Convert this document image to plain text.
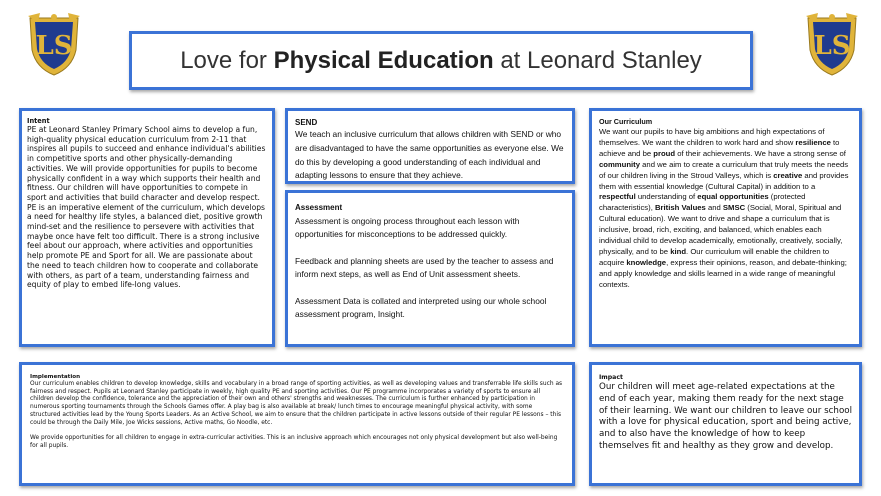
LS	LS
Love for Physical Education at Leonard Stanley
Intent

PE at Leonard Stanley Primary School aims to develop a fun, high-quality physical education curriculum from 2-11 that inspires all pupils to succeed and enhance individual's abilities in competitive sports and other physically-demanding activities. We will provide opportunities for pupils to become physically confident in a way which supports their health and fitness. Our children will have opportunities to compete in sport and activities that build character and develop respect. PE is an imperative element of the curriculum, which develops a need for healthy life styles, a balanced diet, positive growth mind-set and the resilience to persevere with activities that maybe once have felt too difficult. There is a strong inclusive feel about our approach, where activities and opportunities help promote PE and Sport for all. We are passionate about the need to teach children how to cooperate and collaborate with others, as part of a team, understanding fairness and equity of play to embed life-long values.

SEND

We teach an inclusive curriculum that allows children with SEND or who are disadvantaged to have the same opportunities as everyone else. We do this by developing a good understanding of each individual and adapting lessons to ensure that they achieve.

Assessment

Assessment is ongoing process throughout each lesson with opportunities for misconceptions to be addressed quickly.

Feedback and planning sheets are used by the teacher to assess and inform next steps, as well as End of Unit assessment sheets.

Assessment Data is collated and interpreted using our whole school assessment program, Insight.

Our Curriculum

We want our pupils to have big ambitions and high expectations of themselves. We want the children to work hard and show resilience to achieve and be proud of their achievements. We have a strong sense of community and we aim to create a curriculum that truly meets the needs of our children living in the Stroud Valleys, which is creative and provides them with essential knowledge (Cultural Capital) in addition to a respectful understanding of equal opportunities (protected characteristics), British Values and SMSC (Social, Moral, Spiritual and Cultural education). We want to drive and shape a curriculum that is inclusive, broad, rich, exciting, and balanced, which enables each individual child to develop academically, emotionally, creatively, socially, physically, and to be kind. Our curriculum will enable the children to acquire knowledge, express their opinions, reason, and debate-thinking; and apply knowledge and skills learned in a wide range of meaningful contexts.

Implementation

Our curriculum enables children to develop knowledge, skills and vocabulary in a broad range of sporting activities, as well as developing values and transferrable life skills such as fairness and respect. Pupils at Leonard Stanley participate in weekly, high quality PE and sporting activities. Our PE programme incorporates a variety of sports to ensure all children develop the confidence, tolerance and the appreciation of their own and others' strengths and weaknesses. The curriculum is further enhanced by participation in numerous sporting tournaments through the Schools Games offer. A play bag is also available at break/ lunch times to encourage meaningful physical activity, with some structured activities lead by the Young Sports Leaders. As an Active School, we aim to ensure that the children participate in active lessons outside of their regular PE lessons – this could be through the Daily Mile, Joe Wicks sessions, Active maths, Go Noodle, etc.

We provide opportunities for all children to engage in extra-curricular activities. This is an inclusive approach which encourages not only physical development but also well-being for all pupils.

Impact

Our children will meet age-related expectations at the end of each year, making them ready for the next stage of their learning. We want our children to leave our school with a love for physical education, sport and being active, and to also have the knowledge of how to keep themselves fit and healthy as they grow and develop.
